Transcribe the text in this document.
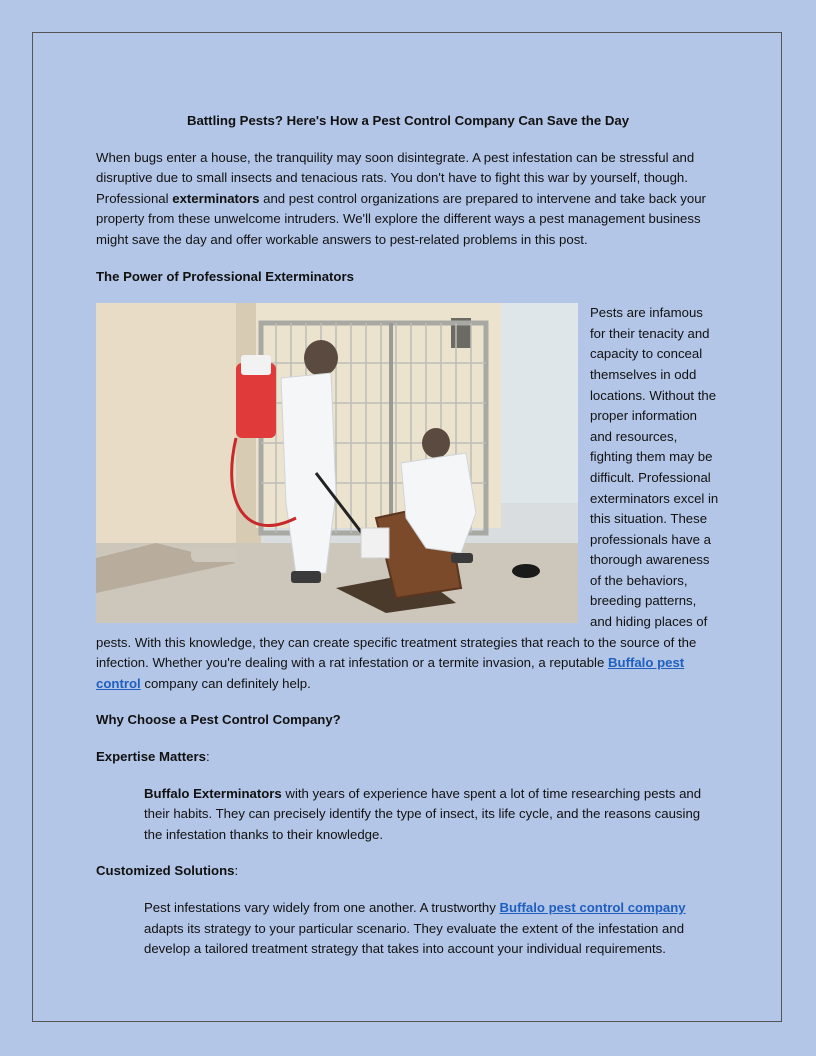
Battling Pests? Here's How a Pest Control Company Can Save the Day

When bugs enter a house, the tranquility may soon disintegrate. A pest infestation can be stressful and disruptive due to small insects and tenacious rats. You don't have to fight this war by yourself, though. Professional exterminators and pest control organizations are prepared to intervene and take back your property from these unwelcome intruders. We'll explore the different ways a pest management business might save the day and offer workable answers to pest-related problems in this post.

The Power of Professional Exterminators
Pests are infamous for their tenacity and capacity to conceal themselves in odd locations. Without the proper information and resources, fighting them may be difficult. Professional exterminators excel in this situation. These professionals have a thorough awareness of the behaviors, breeding patterns, and hiding places of pests. With this knowledge, they can create specific treatment strategies that reach to the source of the infection. Whether you're dealing with a rat infestation or a termite invasion, a reputable Buffalo pest control company can definitely help.
Why Choose a Pest Control Company?

Expertise Matters:

Buffalo Exterminators with years of experience have spent a lot of time researching pests and their habits. They can precisely identify the type of insect, its life cycle, and the reasons causing the infestation thanks to their knowledge.

Customized Solutions:

Pest infestations vary widely from one another. A trustworthy Buffalo pest control company adapts its strategy to your particular scenario. They evaluate the extent of the infestation and develop a tailored treatment strategy that takes into account your individual requirements.
